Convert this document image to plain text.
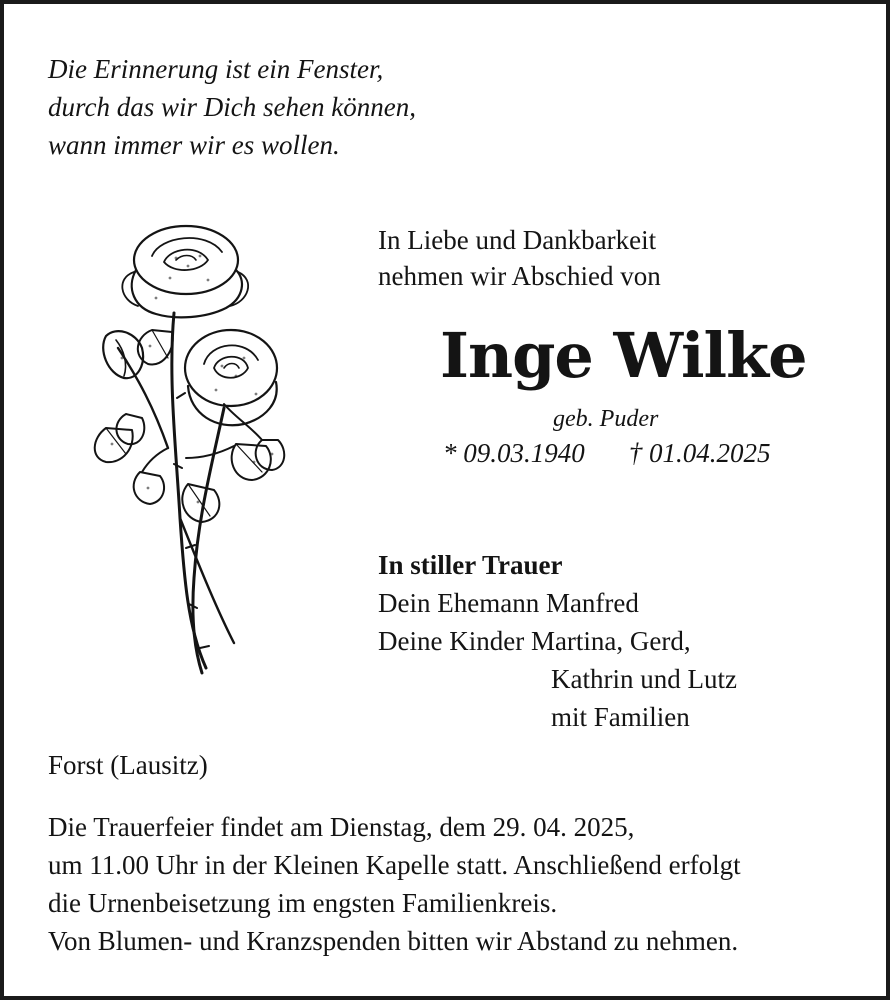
Die Erinnerung ist ein Fenster,
durch das wir Dich sehen können,
wann immer wir es wollen.
In Liebe und Dankbarkeit
nehmen wir Abschied von
Inge Wilke
geb. Puder
* 09.03.1940 † 01.04.2025
In stiller Trauer
Dein Ehemann Manfred
Deine Kinder Martina, Gerd,
Kathrin und Lutz
mit Familien
Forst (Lausitz)
Die Trauerfeier findet am Dienstag, dem 29. 04. 2025,
um 11.00 Uhr in der Kleinen Kapelle statt. Anschließend erfolgt
die Urnenbeisetzung im engsten Familienkreis.
Von Blumen- und Kranzspenden bitten wir Abstand zu nehmen.
